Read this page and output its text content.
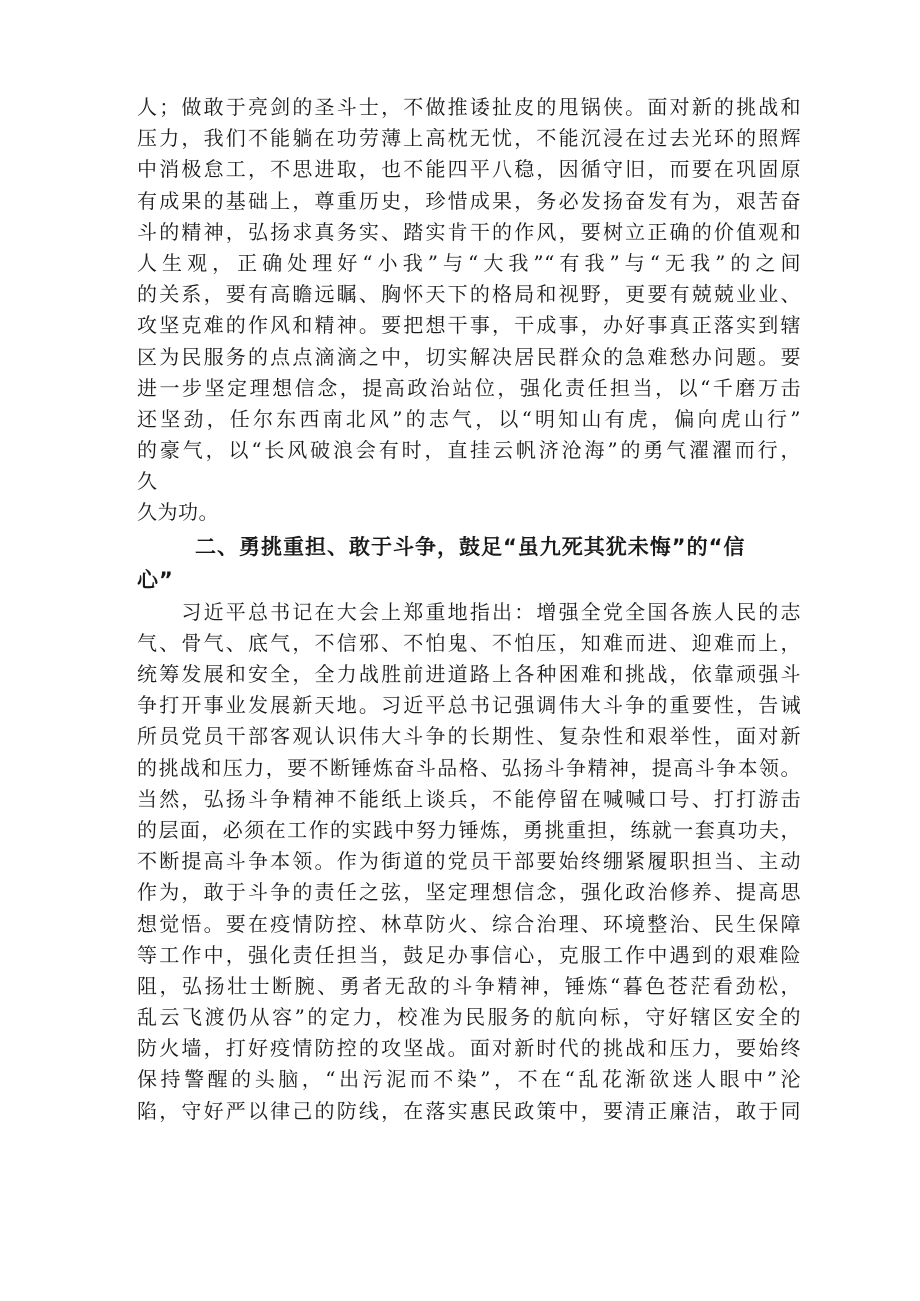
人；做敢于亮剑的圣斗士，不做推诿扯皮的甩锅侠。面对新的挑战和
压力，我们不能躺在功劳薄上高枕无忧，不能沉浸在过去光环的照辉
中消极怠工，不思进取，也不能四平八稳，因循守旧，而要在巩固原
有成果的基础上，尊重历史，珍惜成果，务必发扬奋发有为，艰苦奋
斗的精神，弘扬求真务实、踏实肯干的作风，要树立正确的价值观和
人生观，正确处理好“小我”与“大我”“有我”与“无我”的之间
的关系，要有高瞻远瞩、胸怀天下的格局和视野，更要有兢兢业业、
攻坚克难的作风和精神。要把想干事，干成事，办好事真正落实到辖
区为民服务的点点滴滴之中，切实解决居民群众的急难愁办问题。要
进一步坚定理想信念，提高政治站位，强化责任担当，以“千磨万击
还坚劲，任尔东西南北风”的志气，以“明知山有虎，偏向虎山行”
的豪气，以“长风破浪会有时，直挂云帆济沧海”的勇气濯濯而行，
久
久为功。
二、勇挑重担、敢于斗争，鼓足“虽九死其犹未悔”的“信
心”
　　习近平总书记在大会上郑重地指出：增强全党全国各族人民的志
气、骨气、底气，不信邪、不怕鬼、不怕压，知难而进、迎难而上，
统筹发展和安全，全力战胜前进道路上各种困难和挑战，依靠顽强斗
争打开事业发展新天地。习近平总书记强调伟大斗争的重要性，告诫
所员党员干部客观认识伟大斗争的长期性、复杂性和艰举性，面对新
的挑战和压力，要不断锤炼奋斗品格、弘扬斗争精神，提高斗争本领。
当然，弘扬斗争精神不能纸上谈兵，不能停留在喊喊口号、打打游击
的层面，必须在工作的实践中努力锤炼，勇挑重担，练就一套真功夫，
不断提高斗争本领。作为街道的党员干部要始终绷紧履职担当、主动
作为，敢于斗争的责任之弦，坚定理想信念，强化政治修养、提高思
想觉悟。要在疫情防控、林草防火、综合治理、环境整治、民生保障
等工作中，强化责任担当，鼓足办事信心，克服工作中遇到的艰难险
阻，弘扬壮士断腕、勇者无敌的斗争精神，锤炼“暮色苍茫看劲松，
乱云飞渡仍从容”的定力，校准为民服务的航向标，守好辖区安全的
防火墙，打好疫情防控的攻坚战。面对新时代的挑战和压力，要始终
保持警醒的头脑，“出污泥而不染”，不在“乱花渐欲迷人眼中”沦
陷，守好严以律己的防线，在落实惠民政策中，要清正廉洁，敢于同
